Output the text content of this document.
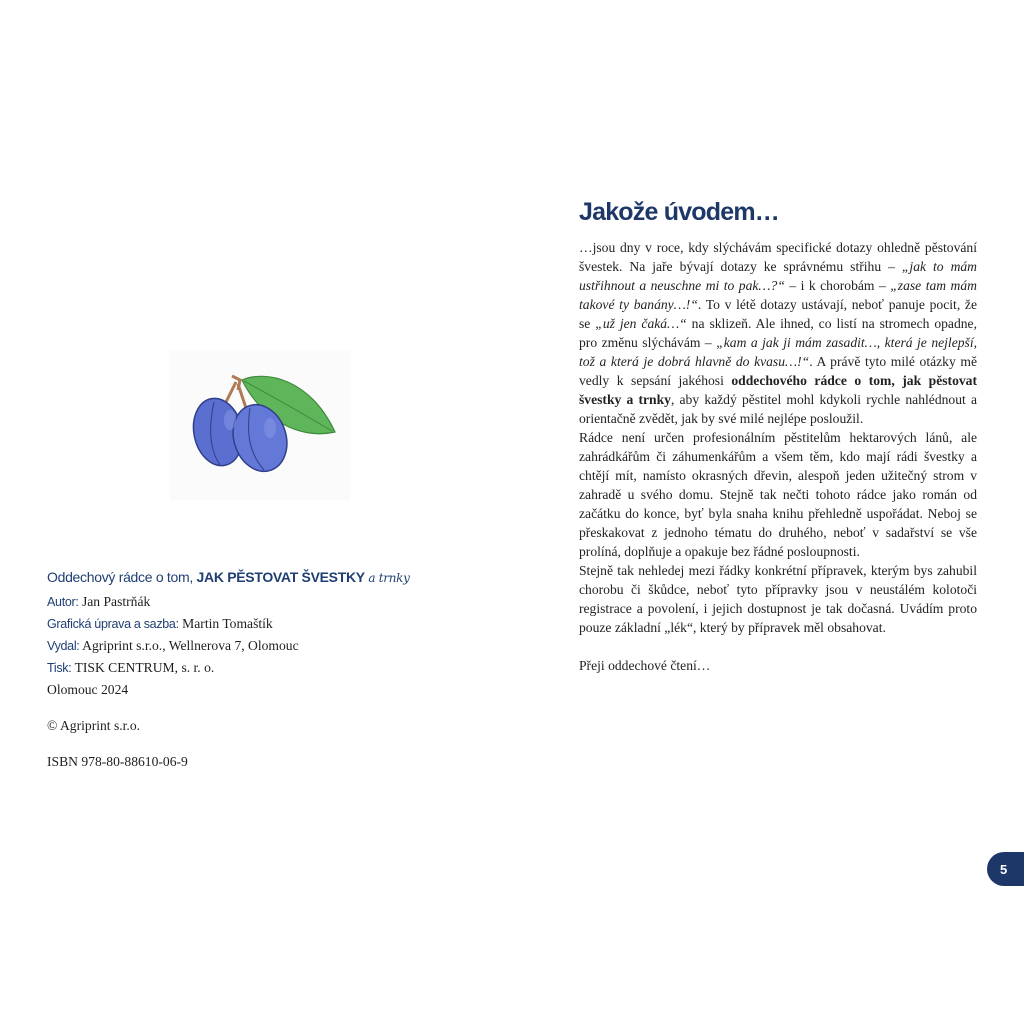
Oddechový rádce o tom, JAK PĚSTOVAT ŠVESTKY a trnky
Autor: Jan Pastrňák
Grafická úprava a sazba: Martin Tomaštík
Vydal: Agriprint s.r.o., Wellnerova 7, Olomouc
Tisk: TISK CENTRUM, s. r. o.
Olomouc 2024
© Agriprint s.r.o.
ISBN 978-80-88610-06-9
Jakože úvodem…

…jsou dny v roce, kdy slýchávám specifické dotazy ohledně pěstování švestek. Na jaře bývají dotazy ke správnému střihu – „jak to mám ustřihnout a neuschne mi to pak…?“ – i k chorobám – „zase tam mám takové ty banány…!“. To v létě dotazy ustávají, neboť panuje pocit, že se „už jen čaká…“ na sklizeň. Ale ihned, co listí na stromech opadne, pro změnu slýchávám – „kam a jak ji mám zasadit…, která je nejlepší, tož a která je dobrá hlavně do kvasu…!“. A právě tyto milé otázky mě vedly k sepsání jakéhosi oddechového rádce o tom, jak pěstovat švestky a trnky, aby každý pěstitel mohl kdykoli rychle nahlédnout a orientačně zvědět, jak by své milé nejlépe posloužil.

Rádce není určen profesionálním pěstitelům hektarových lánů, ale zahrádkářům či záhumenkářům a všem těm, kdo mají rádi švestky a chtějí mít, namísto okrasných dřevin, alespoň jeden užitečný strom v zahradě u svého domu. Stejně tak nečti tohoto rádce jako román od začátku do konce, byť byla snaha knihu přehledně uspořádat. Neboj se přeskakovat z jednoho tématu do druhého, neboť v sadařství se vše prolíná, doplňuje a opakuje bez řádné posloupnosti.

Stejně tak nehledej mezi řádky konkrétní přípravek, kterým bys zahubil chorobu či škůdce, neboť tyto přípravky jsou v neustálém kolotoči registrace a povolení, i jejich dostupnost je tak dočasná. Uvádím proto pouze základní „lék“, který by přípravek měl obsahovat.

Přeji oddechové čtení…

5
